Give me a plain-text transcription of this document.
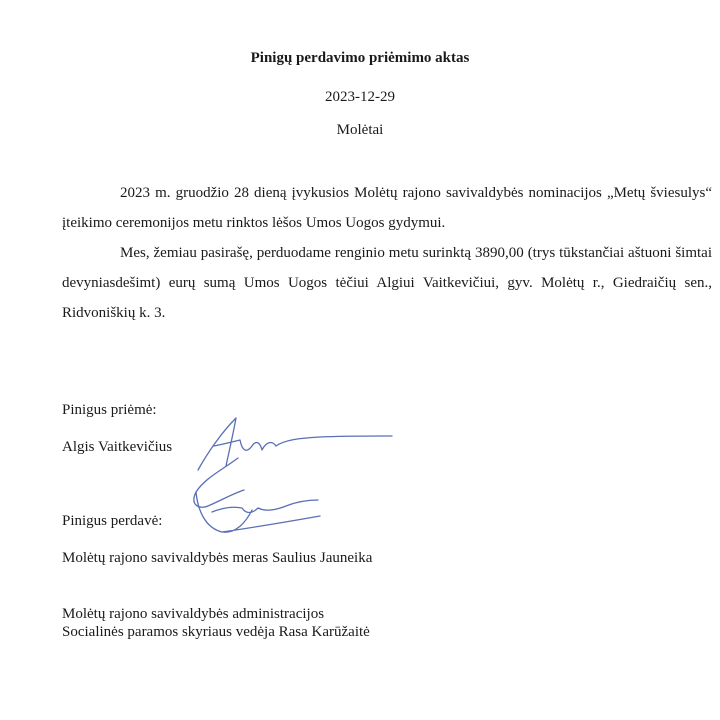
Pinigų perdavimo priėmimo aktas
2023-12-29
Molėtai

2023 m. gruodžio 28 dieną įvykusios Molėtų rajono savivaldybės nominacijos „Metų šviesulys“ įteikimo ceremonijos metu rinktos lėšos Umos Uogos gydymui.

Mes, žemiau pasirašę, perduodame renginio metu surinktą 3890,00 (trys tūkstančiai aštuoni šimtai devyniasdešimt) eurų sumą Umos Uogos tėčiui Algiui Vaitkevičiui, gyv. Molėtų r., Giedraičių sen., Ridvoniškių k. 3.

Pinigus priėmė:
Algis Vaitkevičius
Pinigus perdavė:
Molėtų rajono savivaldybės meras Saulius Jauneika
Molėtų rajono savivaldybės administracijos
Socialinės paramos skyriaus vedėja Rasa Karūžaitė
